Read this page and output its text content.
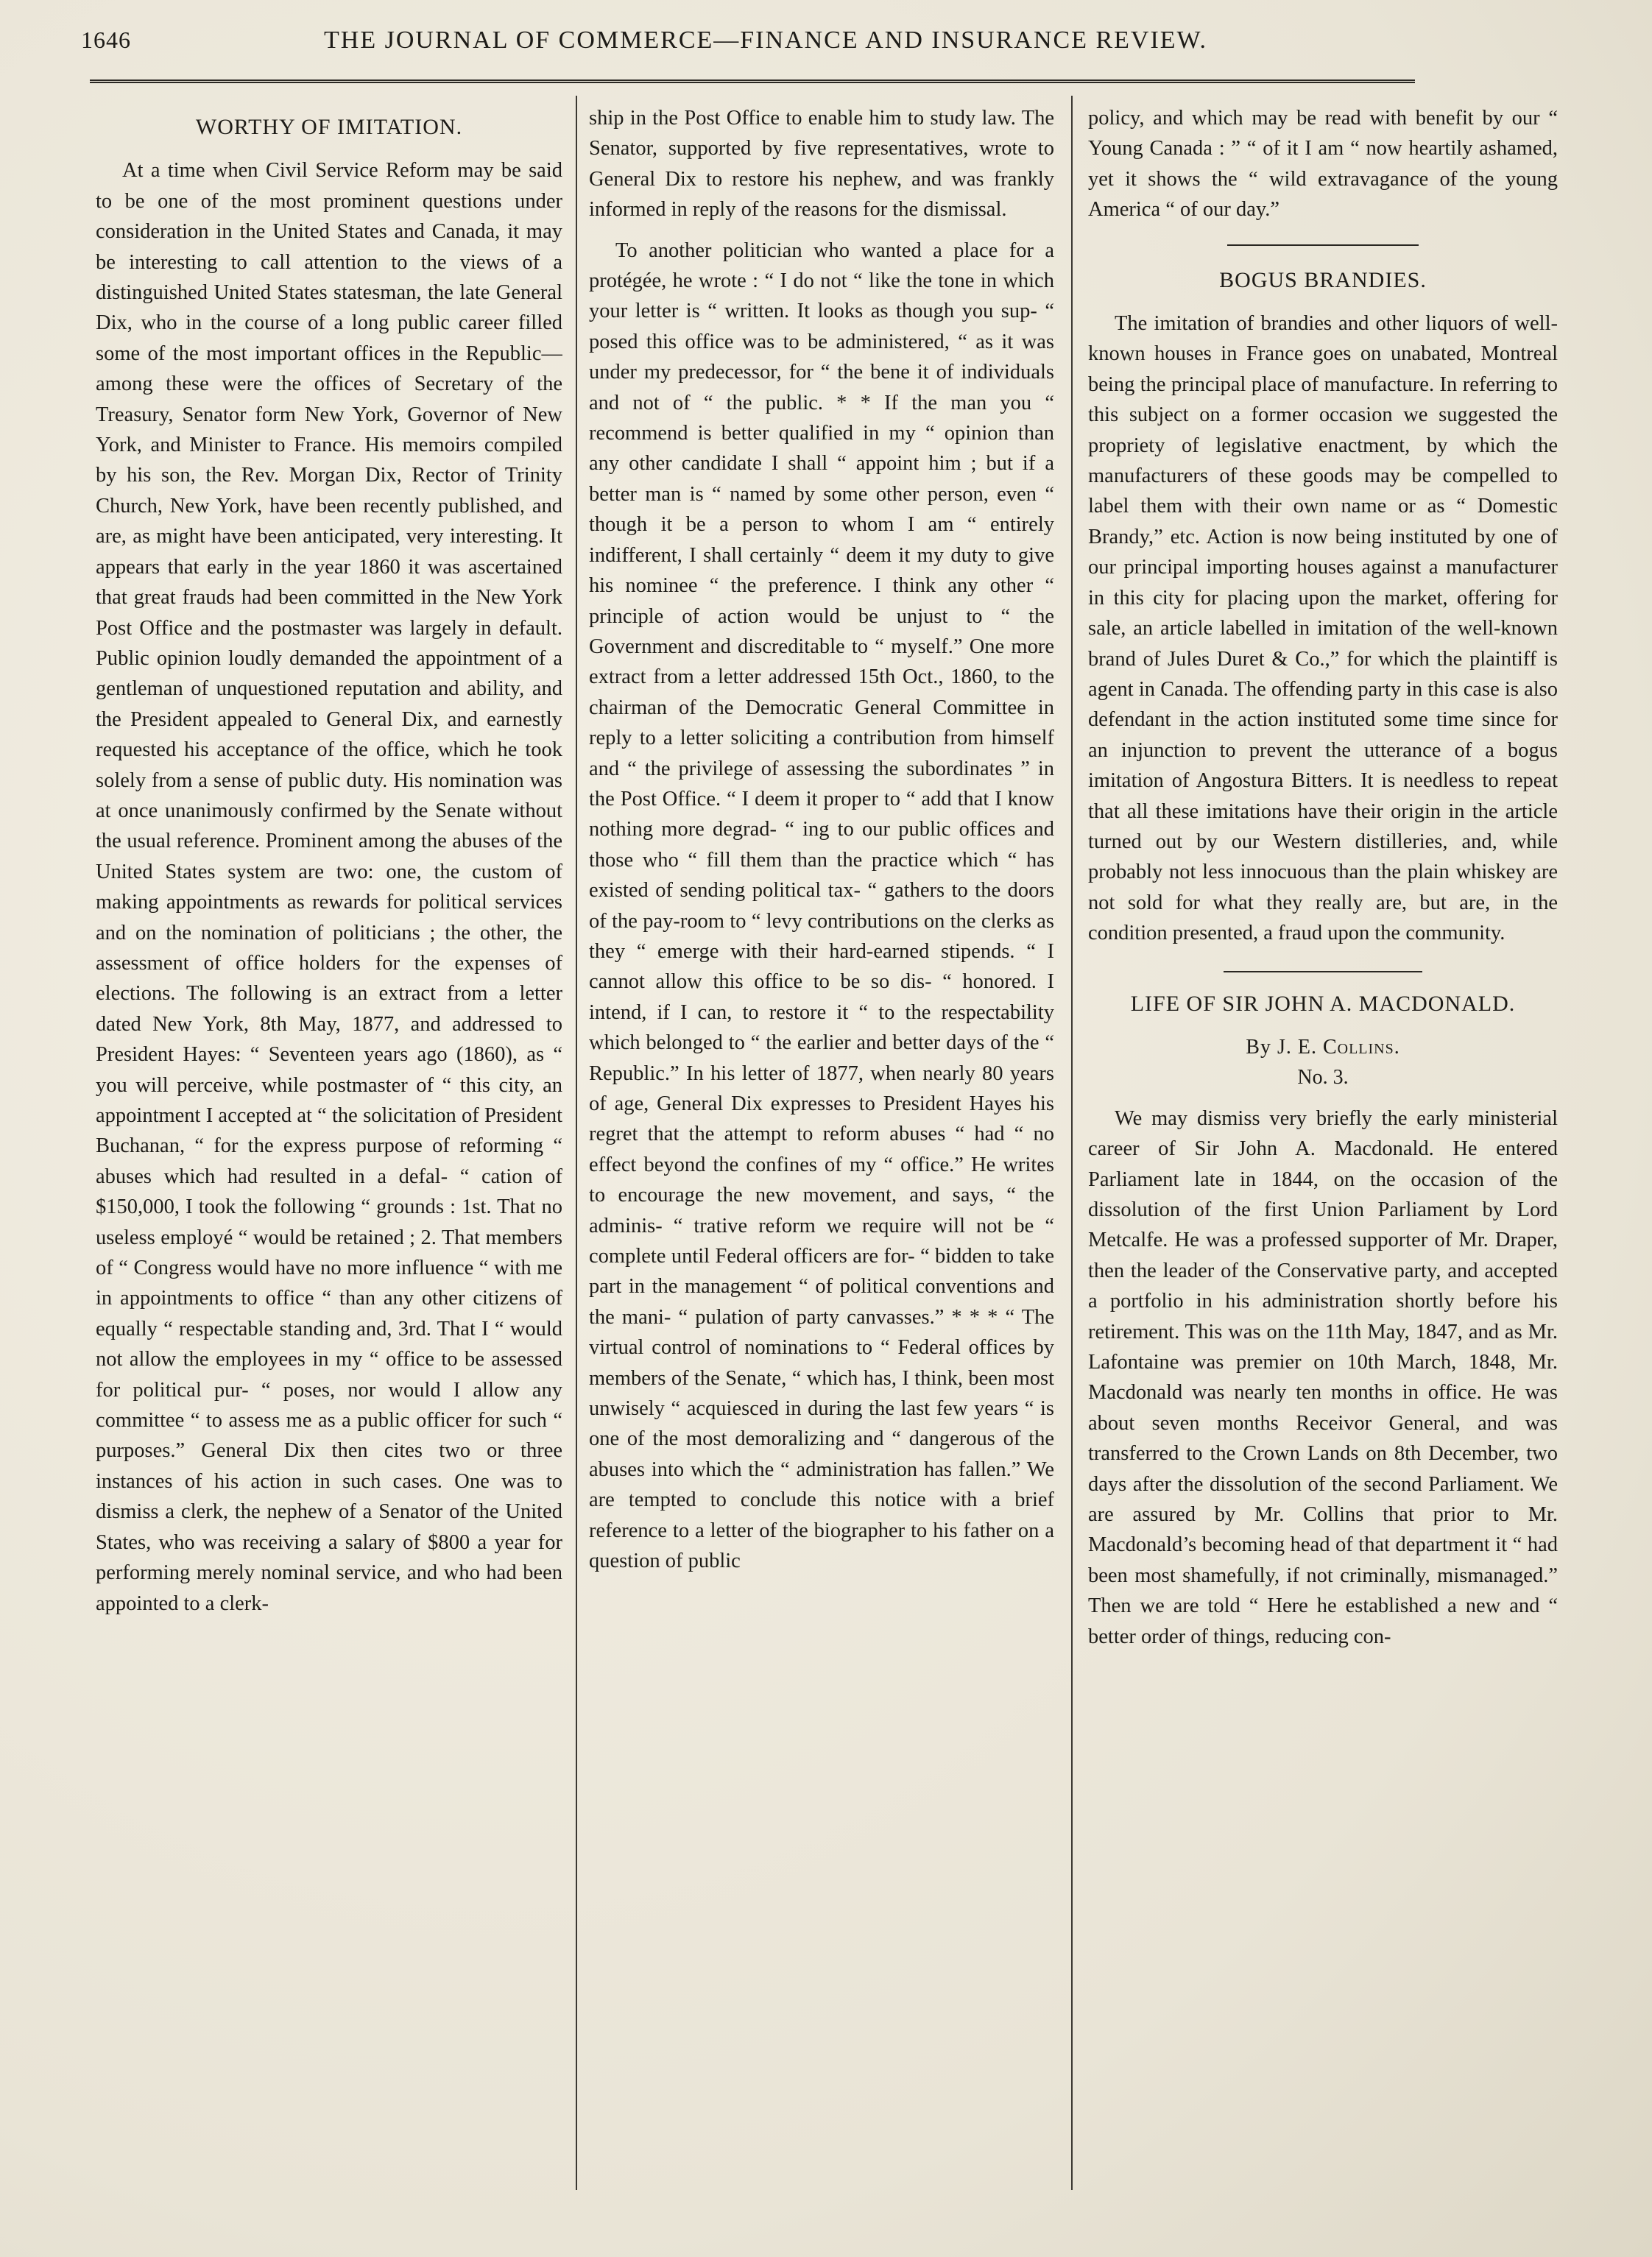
1646	THE JOURNAL OF COMMERCE—FINANCE AND INSURANCE REVIEW.
WORTHY OF IMITATION.

At a time when Civil Service Reform may be said to be one of the most prominent questions under consideration in the United States and Canada, it may be interesting to call attention to the views of a distinguished United States statesman, the late General Dix, who in the course of a long public career filled some of the most important offices in the Republic—among these were the offices of Secretary of the Treasury, Senator form New York, Governor of New York, and Minister to France. His memoirs compiled by his son, the Rev. Morgan Dix, Rector of Trinity Church, New York, have been recently published, and are, as might have been anticipated, very interesting. It appears that early in the year 1860 it was ascertained that great frauds had been committed in the New York Post Office and the postmaster was largely in default. Public opinion loudly demanded the appointment of a gentleman of unquestioned reputation and ability, and the President appealed to General Dix, and earnestly requested his acceptance of the office, which he took solely from a sense of public duty. His nomination was at once unanimously confirmed by the Senate without the usual reference. Prominent among the abuses of the United States system are two: one, the custom of making appointments as rewards for political services and on the nomination of politicians ; the other, the assessment of office holders for the expenses of elections. The following is an extract from a letter dated New York, 8th May, 1877, and addressed to President Hayes: “ Seventeen years ago (1860), as “ you will perceive, while postmaster of “ this city, an appointment I accepted at “ the solicitation of President Buchanan, “ for the express purpose of reforming “ abuses which had resulted in a defal- “ cation of $150,000, I took the following “ grounds : 1st. That no useless employé “ would be retained ; 2. That members of “ Congress would have no more influence “ with me in appointments to office “ than any other citizens of equally “ respectable standing and, 3rd. That I “ would not allow the employees in my “ office to be assessed for political pur- “ poses, nor would I allow any committee “ to assess me as a public officer for such “ purposes.” General Dix then cites two or three instances of his action in such cases. One was to dismiss a clerk, the nephew of a Senator of the United States, who was receiving a salary of $800 a year for performing merely nominal service, and who had been appointed to a clerk-

ship in the Post Office to enable him to study law. The Senator, supported by five representatives, wrote to General Dix to restore his nephew, and was frankly informed in reply of the reasons for the dismissal.

To another politician who wanted a place for a protégée, he wrote : “ I do not “ like the tone in which your letter is “ written. It looks as though you sup- “ posed this office was to be administered, “ as it was under my predecessor, for “ the bene it of individuals and not of “ the public. * * If the man you “ recommend is better qualified in my “ opinion than any other candidate I shall “ appoint him ; but if a better man is “ named by some other person, even “ though it be a person to whom I am “ entirely indifferent, I shall certainly “ deem it my duty to give his nominee “ the preference. I think any other “ principle of action would be unjust to “ the Government and discreditable to “ myself.” One more extract from a letter addressed 15th Oct., 1860, to the chairman of the Democratic General Committee in reply to a letter soliciting a contribution from himself and “ the privilege of assessing the subordinates ” in the Post Office. “ I deem it proper to “ add that I know nothing more degrad- “ ing to our public offices and those who “ fill them than the practice which “ has existed of sending political tax- “ gathers to the doors of the pay-room to “ levy contributions on the clerks as they “ emerge with their hard-earned stipends. “ I cannot allow this office to be so dis- “ honored. I intend, if I can, to restore it “ to the respectability which belonged to “ the earlier and better days of the “ Republic.” In his letter of 1877, when nearly 80 years of age, General Dix expresses to President Hayes his regret that the attempt to reform abuses “ had “ no effect beyond the confines of my “ office.” He writes to encourage the new movement, and says, “ the adminis- “ trative reform we require will not be “ complete until Federal officers are for- “ bidden to take part in the management “ of political conventions and the mani- “ pulation of party canvasses.” * * * “ The virtual control of nominations to “ Federal offices by members of the Senate, “ which has, I think, been most unwisely “ acquiesced in during the last few years “ is one of the most demoralizing and “ dangerous of the abuses into which the “ administration has fallen.” We are tempted to conclude this notice with a brief reference to a letter of the biographer to his father on a question of public

policy, and which may be read with benefit by our “ Young Canada : ” “ of it I am “ now heartily ashamed, yet it shows the “ wild extravagance of the young America “ of our day.”

BOGUS BRANDIES.

The imitation of brandies and other liquors of well-known houses in France goes on unabated, Montreal being the principal place of manufacture. In referring to this subject on a former occasion we suggested the propriety of legislative enactment, by which the manufacturers of these goods may be compelled to label them with their own name or as “ Domestic Brandy,” etc. Action is now being instituted by one of our principal importing houses against a manufacturer in this city for placing upon the market, offering for sale, an article labelled in imitation of the well-known brand of Jules Duret & Co.,” for which the plaintiff is agent in Canada. The offending party in this case is also defendant in the action instituted some time since for an injunction to prevent the utterance of a bogus imitation of Angostura Bitters. It is needless to repeat that all these imitations have their origin in the article turned out by our Western distilleries, and, while probably not less innocuous than the plain whiskey are not sold for what they really are, but are, in the condition presented, a fraud upon the community.

LIFE OF SIR JOHN A. MACDONALD.
By J. E. Collins.
No. 3.

We may dismiss very briefly the early ministerial career of Sir John A. Macdonald. He entered Parliament late in 1844, on the occasion of the dissolution of the first Union Parliament by Lord Metcalfe. He was a professed supporter of Mr. Draper, then the leader of the Conservative party, and accepted a portfolio in his administration shortly before his retirement. This was on the 11th May, 1847, and as Mr. Lafontaine was premier on 10th March, 1848, Mr. Macdonald was nearly ten months in office. He was about seven months Receivor General, and was transferred to the Crown Lands on 8th December, two days after the dissolution of the second Parliament. We are assured by Mr. Collins that prior to Mr. Macdonald’s becoming head of that department it “ had been most shamefully, if not criminally, mismanaged.” Then we are told “ Here he established a new and “ better order of things, reducing con-
